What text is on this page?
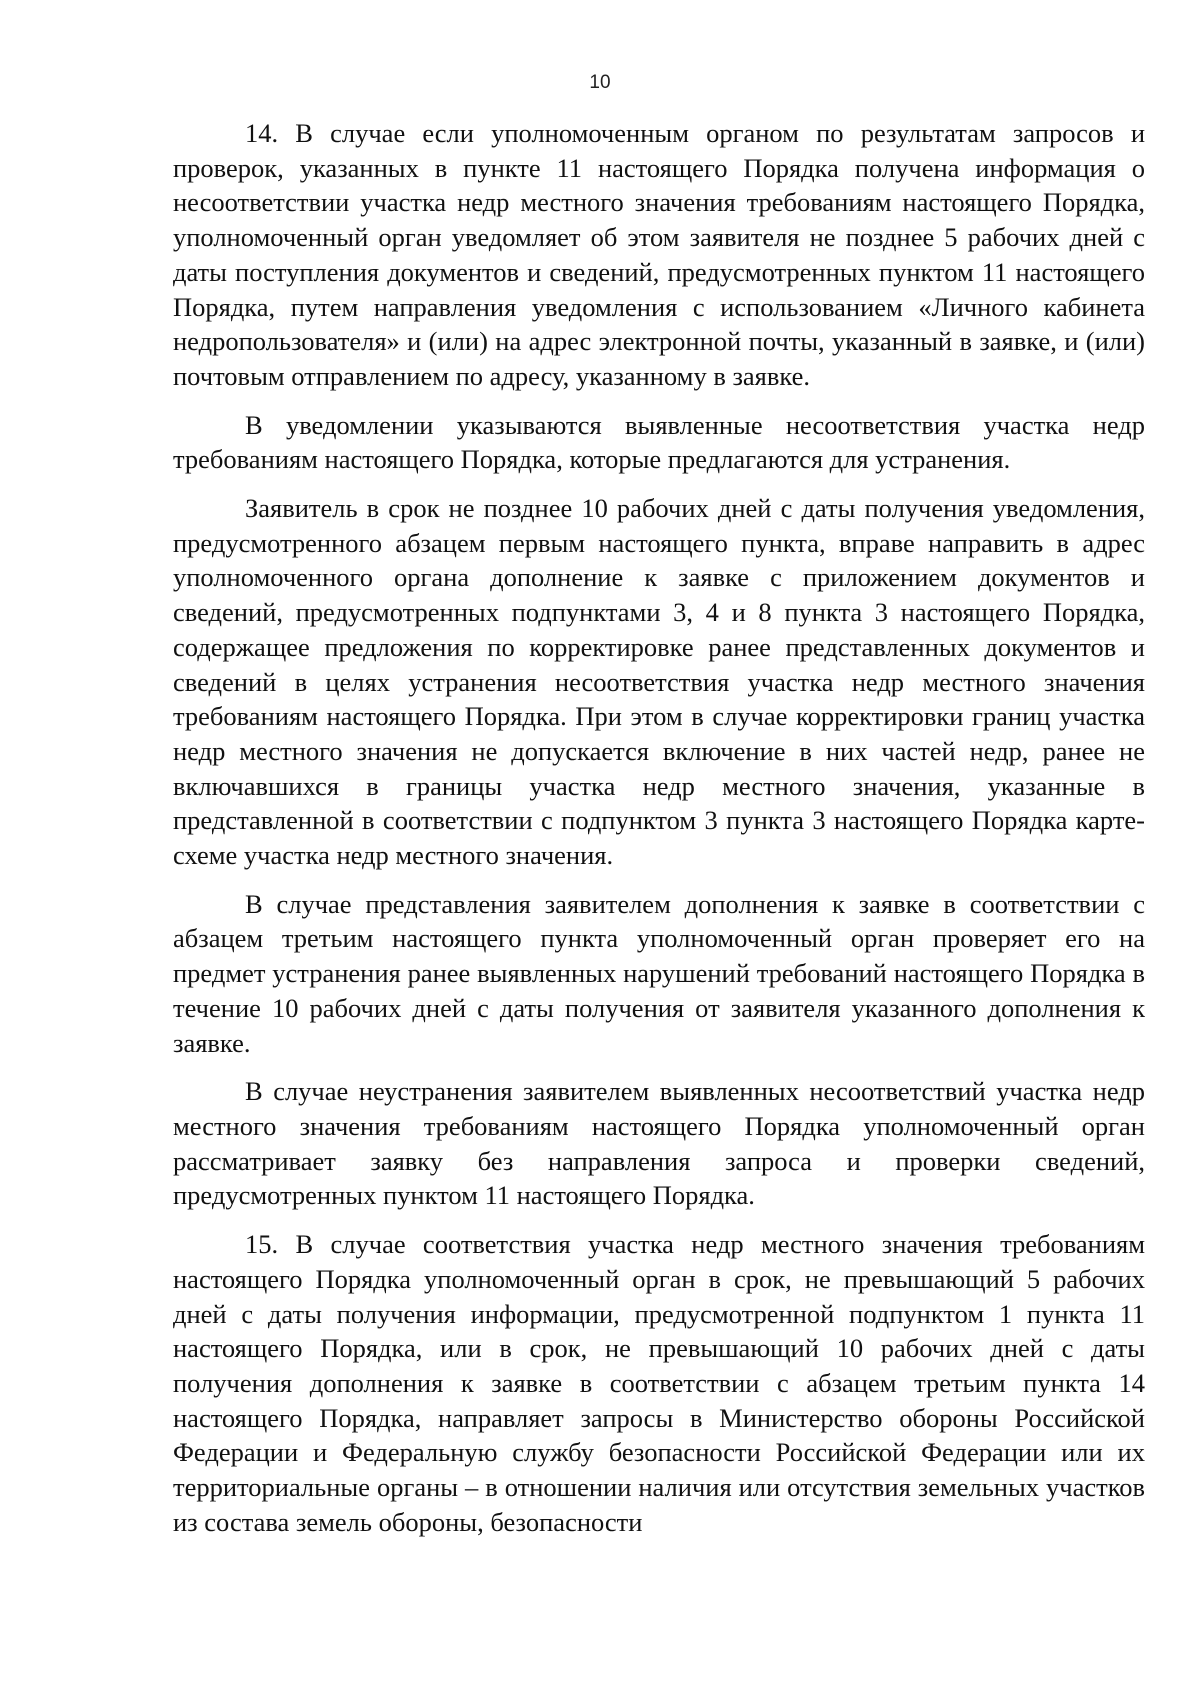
10

14. В случае если уполномоченным органом по результатам запросов и проверок, указанных в пункте 11 настоящего Порядка получена информация о несоответствии участка недр местного значения требованиям настоящего Порядка, уполномоченный орган уведомляет об этом заявителя не позднее 5 рабочих дней с даты поступления документов и сведений, предусмотренных пунктом 11 настоящего Порядка, путем направления уведомления с использованием «Личного кабинета недропользователя» и (или) на адрес электронной почты, указанный в заявке, и (или) почтовым отправлением по адресу, указанному в заявке.

В уведомлении указываются выявленные несоответствия участка недр требованиям настоящего Порядка, которые предлагаются для устранения.

Заявитель в срок не позднее 10 рабочих дней с даты получения уведомления, предусмотренного абзацем первым настоящего пункта, вправе направить в адрес уполномоченного органа дополнение к заявке с приложением документов и сведений, предусмотренных подпунктами 3, 4 и 8 пункта 3 настоящего Порядка, содержащее предложения по корректировке ранее представленных документов и сведений в целях устранения несоответствия участка недр местного значения требованиям настоящего Порядка. При этом в случае корректировки границ участка недр местного значения не допускается включение в них частей недр, ранее не включавшихся в границы участка недр местного значения, указанные в представленной в соответствии с подпунктом 3 пункта 3 настоящего Порядка карте-схеме участка недр местного значения.

В случае представления заявителем дополнения к заявке в соответствии с абзацем третьим настоящего пункта уполномоченный орган проверяет его на предмет устранения ранее выявленных нарушений требований настоящего Порядка в течение 10 рабочих дней с даты получения от заявителя указанного дополнения к заявке.

В случае неустранения заявителем выявленных несоответствий участка недр местного значения требованиям настоящего Порядка уполномоченный орган рассматривает заявку без направления запроса и проверки сведений, предусмотренных пунктом 11 настоящего Порядка.

15. В случае соответствия участка недр местного значения требованиям настоящего Порядка уполномоченный орган в срок, не превышающий 5 рабочих дней с даты получения информации, предусмотренной подпунктом 1 пункта 11 настоящего Порядка, или в срок, не превышающий 10 рабочих дней с даты получения дополнения к заявке в соответствии с абзацем третьим пункта 14 настоящего Порядка, направляет запросы в Министерство обороны Российской Федерации и Федеральную службу безопасности Российской Федерации или их территориальные органы – в отношении наличия или отсутствия земельных участков из состава земель обороны, безопасности
